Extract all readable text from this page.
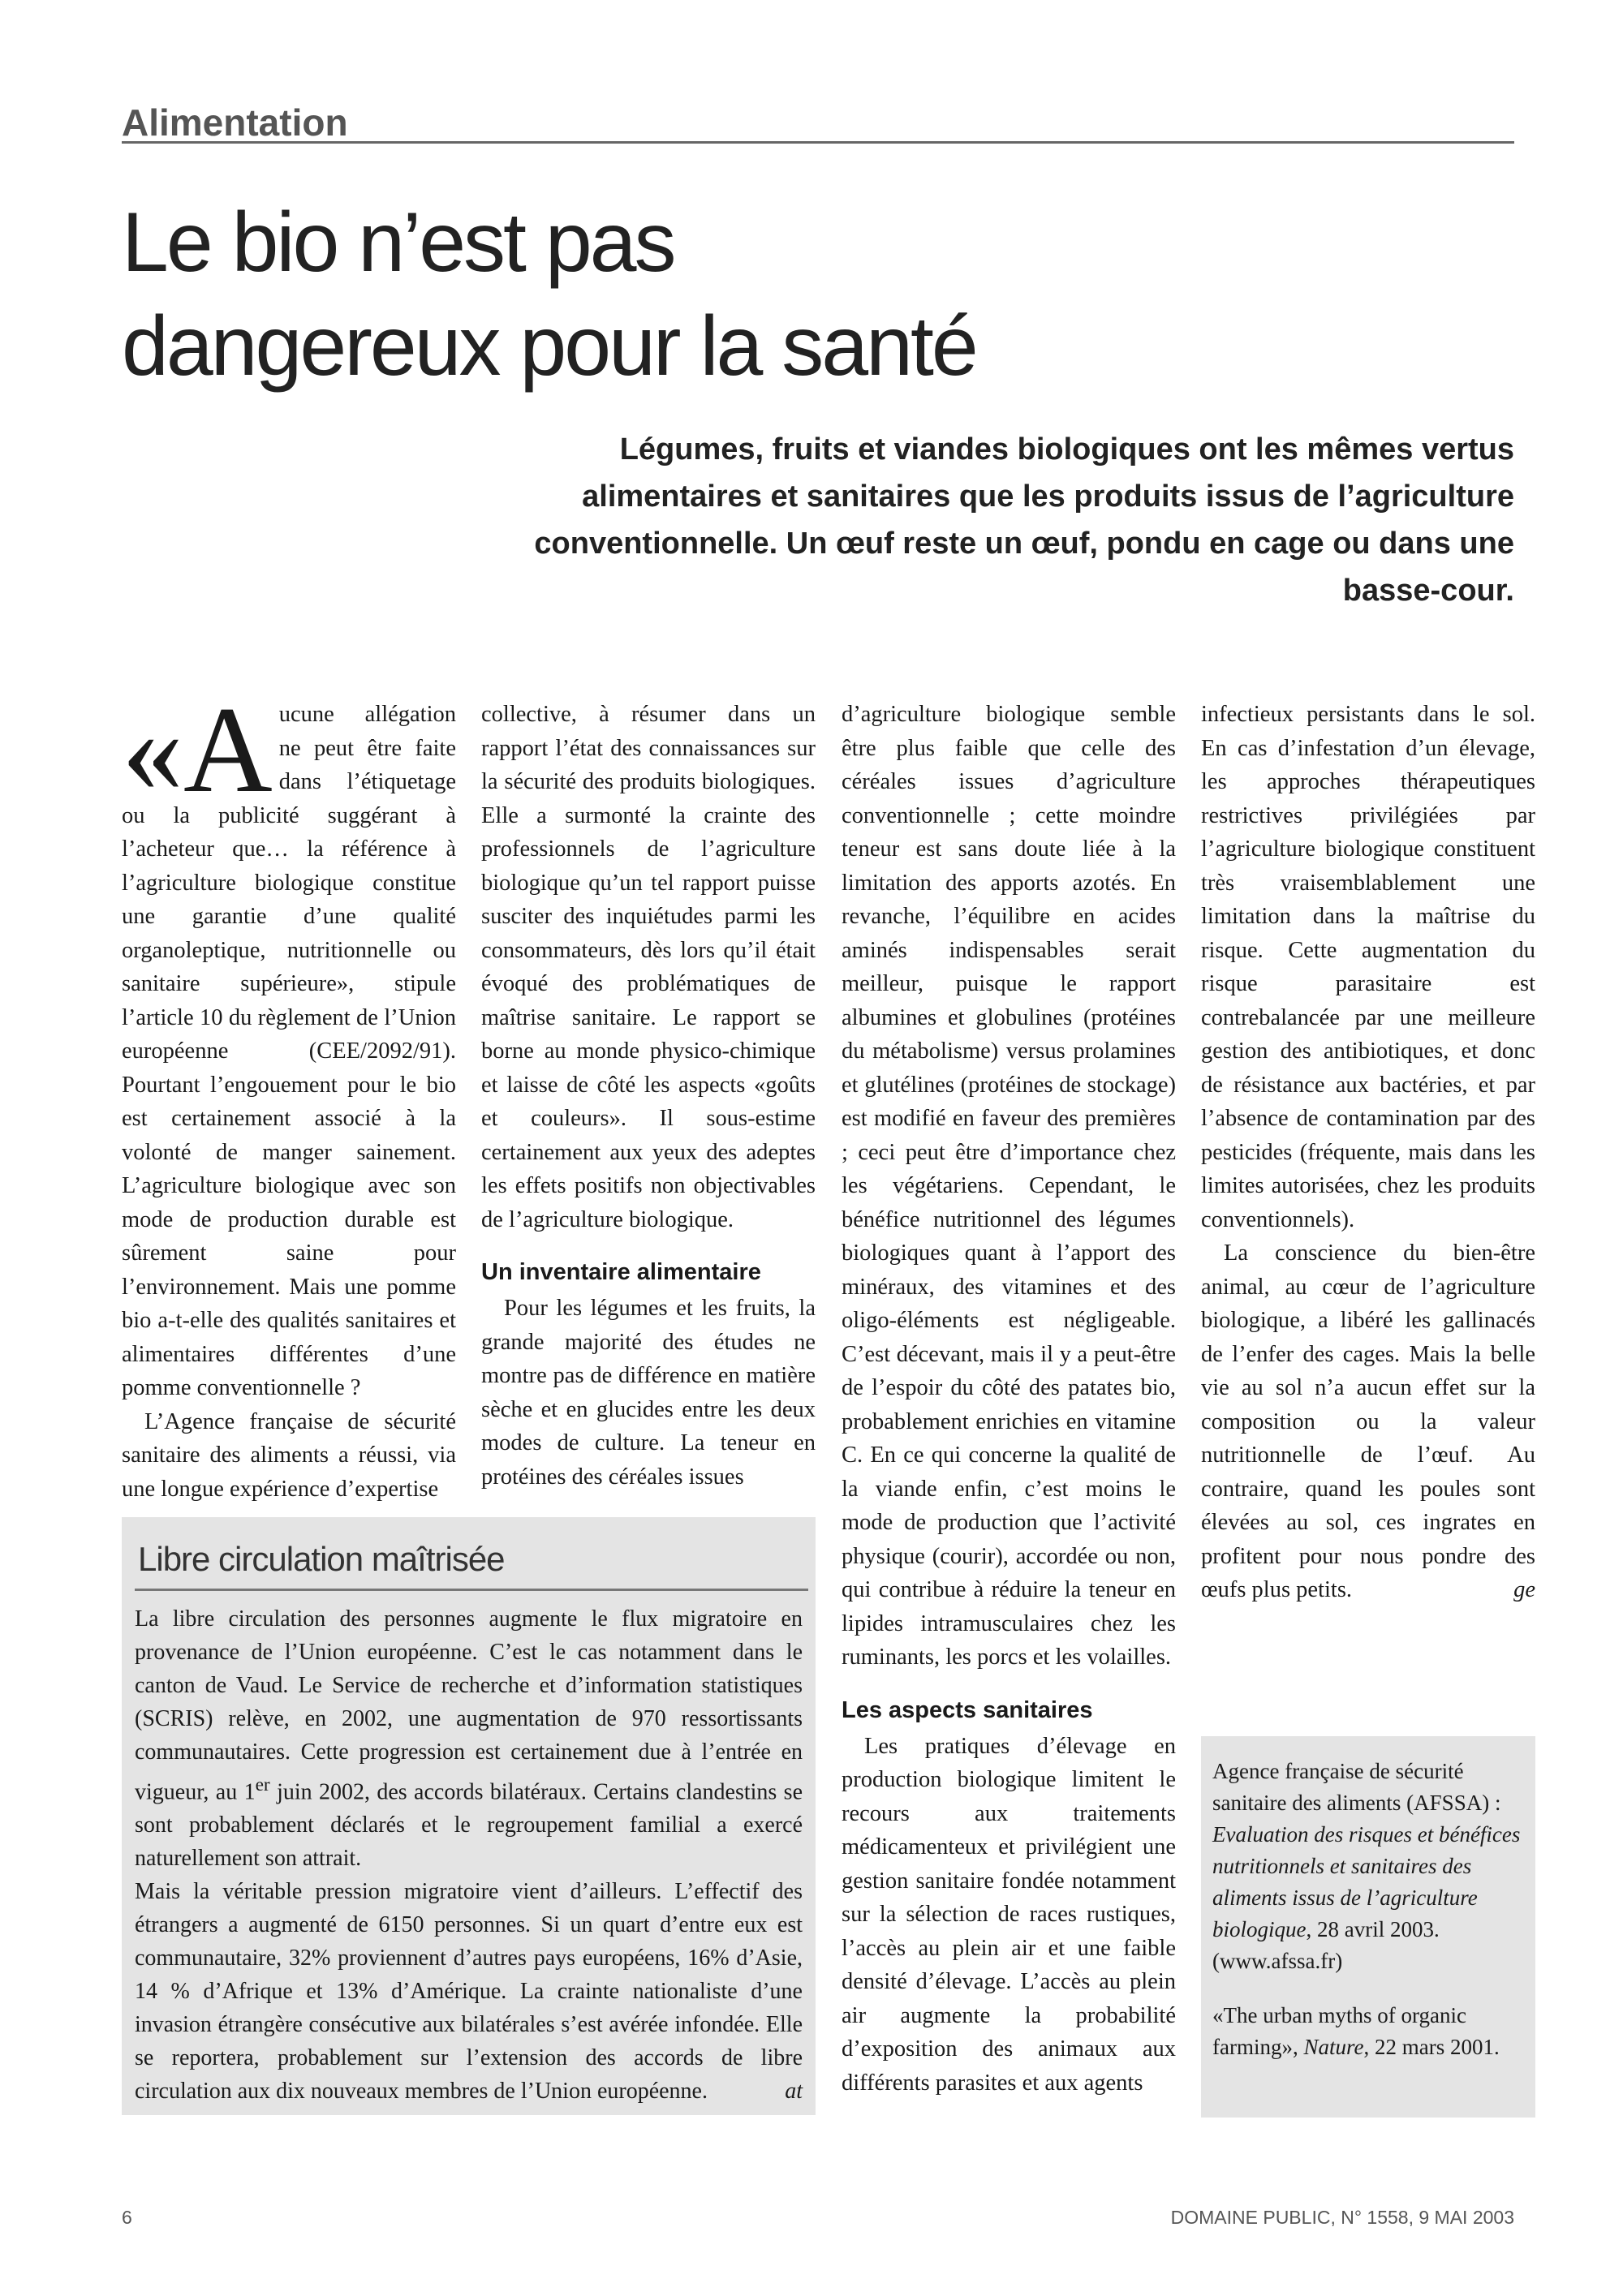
Alimentation
Le bio n’est pas
dangereux pour la santé

Légumes, fruits et viandes biologiques ont les mêmes vertus alimentaires et sanitaires que les produits issus de l’agriculture conventionnelle. Un œuf reste un œuf, pondu en cage ou dans une basse-cour.

«Aucune allégation ne peut être faite dans l’étiquetage ou la publicité suggérant à l’acheteur que… la référence à l’agriculture biologique constitue une garantie d’une qualité organoleptique, nutritionnelle ou sanitaire supérieure», stipule l’article 10 du règlement de l’Union européenne (CEE/2092/91). Pourtant l’engouement pour le bio est certainement associé à la volonté de manger sainement. L’agriculture biologique avec son mode de production durable est sûrement saine pour l’environnement. Mais une pomme bio a-t-elle des qualités sanitaires et alimentaires différentes d’une pomme conventionnelle ?

L’Agence française de sécurité sanitaire des aliments a réussi, via une longue expérience d’expertise

collective, à résumer dans un rapport l’état des connaissances sur la sécurité des produits biologiques. Elle a surmonté la crainte des professionnels de l’agriculture biologique qu’un tel rapport puisse susciter des inquiétudes parmi les consommateurs, dès lors qu’il était évoqué des problématiques de maîtrise sanitaire. Le rapport se borne au monde physico-chimique et laisse de côté les aspects «goûts et couleurs». Il sous-estime certainement aux yeux des adeptes les effets positifs non objectivables de l’agriculture biologique.

Un inventaire alimentaire

Pour les légumes et les fruits, la grande majorité des études ne montre pas de différence en matière sèche et en glucides entre les deux modes de culture. La teneur en protéines des céréales issues

d’agriculture biologique semble être plus faible que celle des céréales issues d’agriculture conventionnelle ; cette moindre teneur est sans doute liée à la limitation des apports azotés. En revanche, l’équilibre en acides aminés indispensables serait meilleur, puisque le rapport albumines et globulines (protéines du métabolisme) versus prolamines et glutélines (protéines de stockage) est modifié en faveur des premières ; ceci peut être d’importance chez les végétariens. Cependant, le bénéfice nutritionnel des légumes biologiques quant à l’apport des minéraux, des vitamines et des oligo-éléments est négligeable. C’est décevant, mais il y a peut-être de l’espoir du côté des patates bio, probablement enrichies en vitamine C. En ce qui concerne la qualité de la viande enfin, c’est moins le mode de production que l’activité physique (courir), accordée ou non, qui contribue à réduire la teneur en lipides intramusculaires chez les ruminants, les porcs et les volailles.

Les aspects sanitaires

Les pratiques d’élevage en production biologique limitent le recours aux traitements médicamenteux et privilégient une gestion sanitaire fondée notamment sur la sélection de races rustiques, l’accès au plein air et une faible densité d’élevage. L’accès au plein air augmente la probabilité d’exposition des animaux aux différents parasites et aux agents

infectieux persistants dans le sol. En cas d’infestation d’un élevage, les approches thérapeutiques restrictives privilégiées par l’agriculture biologique constituent très vraisemblablement une limitation dans la maîtrise du risque. Cette augmentation du risque parasitaire est contrebalancée par une meilleure gestion des antibiotiques, et donc de résistance aux bactéries, et par l’absence de contamination par des pesticides (fréquente, mais dans les limites autorisées, chez les produits conventionnels).

La conscience du bien-être animal, au cœur de l’agriculture biologique, a libéré les gallinacés de l’enfer des cages. Mais la belle vie au sol n’a aucun effet sur la composition ou la valeur nutritionnelle de l’œuf. Au contraire, quand les poules sont élevées au sol, ces ingrates en profitent pour nous pondre des œufs plus petits.	ge

Libre circulation maîtrisée

La libre circulation des personnes augmente le flux migratoire en provenance de l’Union européenne. C’est le cas notamment dans le canton de Vaud. Le Service de recherche et d’information statistiques (SCRIS) relève, en 2002, une augmentation de 970 ressortissants communautaires. Cette progression est certainement due à l’entrée en vigueur, au 1er juin 2002, des accords bilatéraux. Certains clandestins se sont probablement déclarés et le regroupement familial a exercé naturellement son attrait.

Mais la véritable pression migratoire vient d’ailleurs. L’effectif des étrangers a augmenté de 6150 personnes. Si un quart d’entre eux est communautaire, 32% proviennent d’autres pays européens, 16% d’Asie, 14 % d’Afrique et 13% d’Amérique. La crainte nationaliste d’une invasion étrangère consécutive aux bilatérales s’est avérée infondée. Elle se reportera, probablement sur l’extension des accords de libre circulation aux dix nouveaux membres de l’Union européenne.	at

Agence française de sécurité sanitaire des aliments (AFSSA) : Evaluation des risques et bénéfices nutritionnels et sanitaires des aliments issus de l’agriculture biologique, 28 avril 2003. (www.afssa.fr)

«The urban myths of organic farming», Nature, 22 mars 2001.

6	DOMAINE PUBLIC, N° 1558, 9 MAI 2003
